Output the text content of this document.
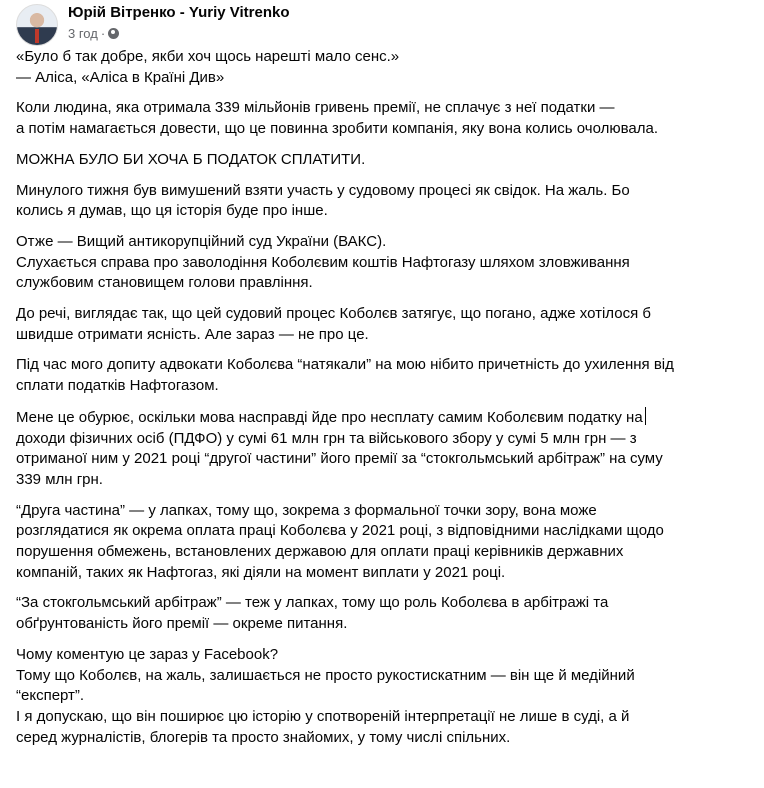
Юрій Вітренко - Yuriy Vitrenko
3 год ·
«Було б так добре, якби хоч щось нарешті мало сенс.»
— Аліса, «Аліса в Країні Див»
Коли людина, яка отримала 339 мільйонів гривень премії, не сплачує з неї податки —
а потім намагається довести, що це повинна зробити компанія, яку вона колись очолювала.
МОЖНА БУЛО БИ ХОЧА Б ПОДАТОК СПЛАТИТИ.
Минулого тижня був вимушений взяти участь у судовому процесі як свідок. На жаль. Бо
колись я думав, що ця історія буде про інше.
Отже — Вищий антикорупційний суд України (ВАКС).
Слухається справа про заволодіння Коболєвим коштів Нафтогазу шляхом зловживання
службовим становищем голови правління.
До речі, виглядає так, що цей судовий процес Коболєв затягує, що погано, адже хотілося б
швидше отримати ясність. Але зараз — не про це.
Під час мого допиту адвокати Коболєва “натякали” на мою нібито причетність до ухилення від
сплати податків Нафтогазом.
Мене це обурює, оскільки мова насправді йде про несплату самим Коболєвим податку на
доходи фізичних осіб (ПДФО) у сумі 61 млн грн та військового збору у сумі 5 млн грн — з
отриманої ним у 2021 році “другої частини” його премії за “стокгольмський арбітраж” на суму
339 млн грн.
“Друга частина” — у лапках, тому що, зокрема з формальної точки зору, вона може
розглядатися як окрема оплата праці Коболєва у 2021 році, з відповідними наслідками щодо
порушення обмежень, встановлених державою для оплати праці керівників державних
компаній, таких як Нафтогаз, які діяли на момент виплати у 2021 році.
“За стокгольмський арбітраж” — теж у лапках, тому що роль Коболєва в арбітражі та
обґрунтованість його премії — окреме питання.
Чому коментую це зараз у Facebook?
Тому що Коболєв, на жаль, залишається не просто рукостискатним — він ще й медійний
“експерт”.
І я допускаю, що він поширює цю історію у спотвореній інтерпретації не лише в суді, а й
серед журналістів, блогерів та просто знайомих, у тому числі спільних.
